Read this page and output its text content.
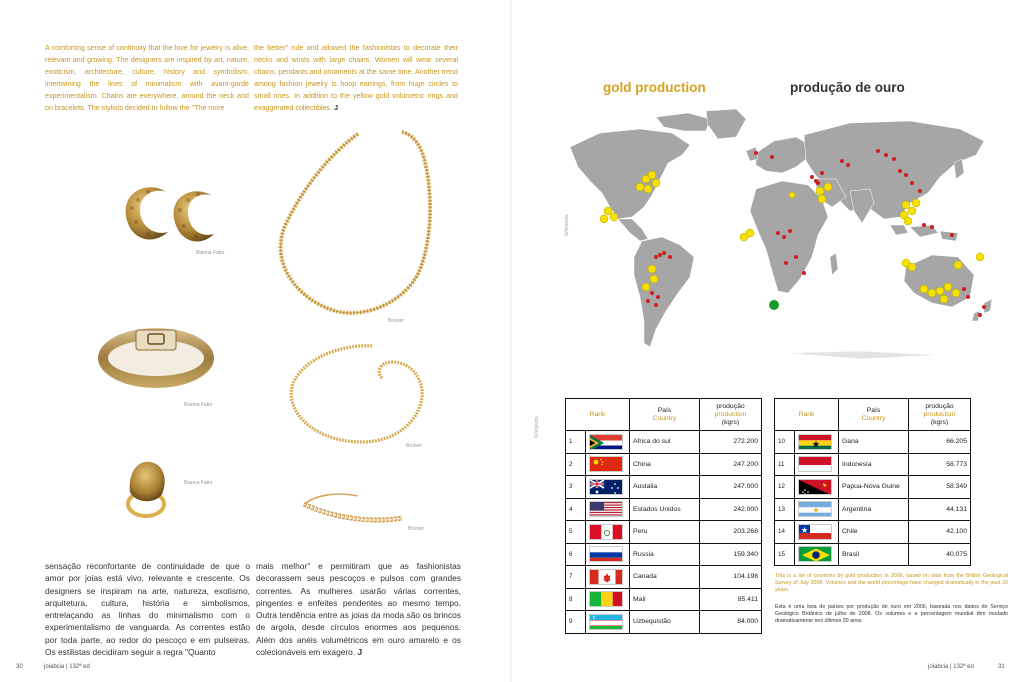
A comforting sense of continuity that the love for jewelry is alive, relevant and growing. The designers are inspired by art, nature, exoticism, architecture, culture, history and symbolism, intertwining the lines of minimalism with avant-garde experimentalism. Chains are everywhere, around the neck and on bracelets. The stylists decided to follow the "The more

the better" rule and allowed the fashionistas to decorate their necks and wrists with large chains. Women will wear several chains, pendants and ornaments at the same time. Another trend among fashion jewelry is hoop earrings, from huge circles to small ones. In addition to the yellow gold volumetric rings and exaggerated collectibles. J

Bianna Fatto
Brünier
Bianna Fatto
Brünier
Bianna Fatto
Brünier

sensação reconfortante de continuidade de que o amor por joias está vivo, relevante e crescente. Os designers se inspiram na arte, natureza, exotismo, arquitetura, cultura, história e simbolismos, entrelaçando as linhas do minimalismo com o experimentalismo de vanguarda. As correntes estão por toda parte, ao redor do pescoço e em pulseiras. Os estilistas decidiram seguir a regra "Quanto

mais melhor" e permitiram que as fashionistas decorassem seus pescoços e pulsos com grandes correntes. As mulheres usarão várias correntes, pingentes e enfeites pendentes ao mesmo tempo. Outra tendência entre as joias da moda são os brincos de argola, desde círculos enormes aos pequenos. Além dos anéis volumétricos em ouro amarelo e os colecionáveis em exagero. J

30	joiabcia | 132ª ed
gold production	produção de ouro
Wikipédia
Wikipédia
Rank		País
Country	produção
production
(kgrs)
1		Africa do sul	272.200
2		China	247.200
3		Austalia	247.000
4		Estados Unidos	242.000
5		Peru	203.268
6		Russia	159.340
7		Canada	104.198
8		Mali	85.411
9		Uzbequistão	84.000
Rank		País
Country	produção
production
(kgrs)
10		Gana	66.205
11		Indonesia	58.773
12		Papua-Nova Guine	58.349
13		Argentina	44.131
14		Chile	42.100
15		Brasil	40.075

This is a list of countries by gold production in 2006, based on data from the British Geological Survey of July 2008. Volumes and the world percentage have changed dramatically in the past 20 years.

Esta é uma lista de países por produção de ouro em 2006, baseada nos dados do Serviço Geológico Britânico de julho de 2008. Os volumes e a percentagem mundial têm mudado dramaticamente nos últimos 20 anos.

joiabcia | 132ª ed	31
